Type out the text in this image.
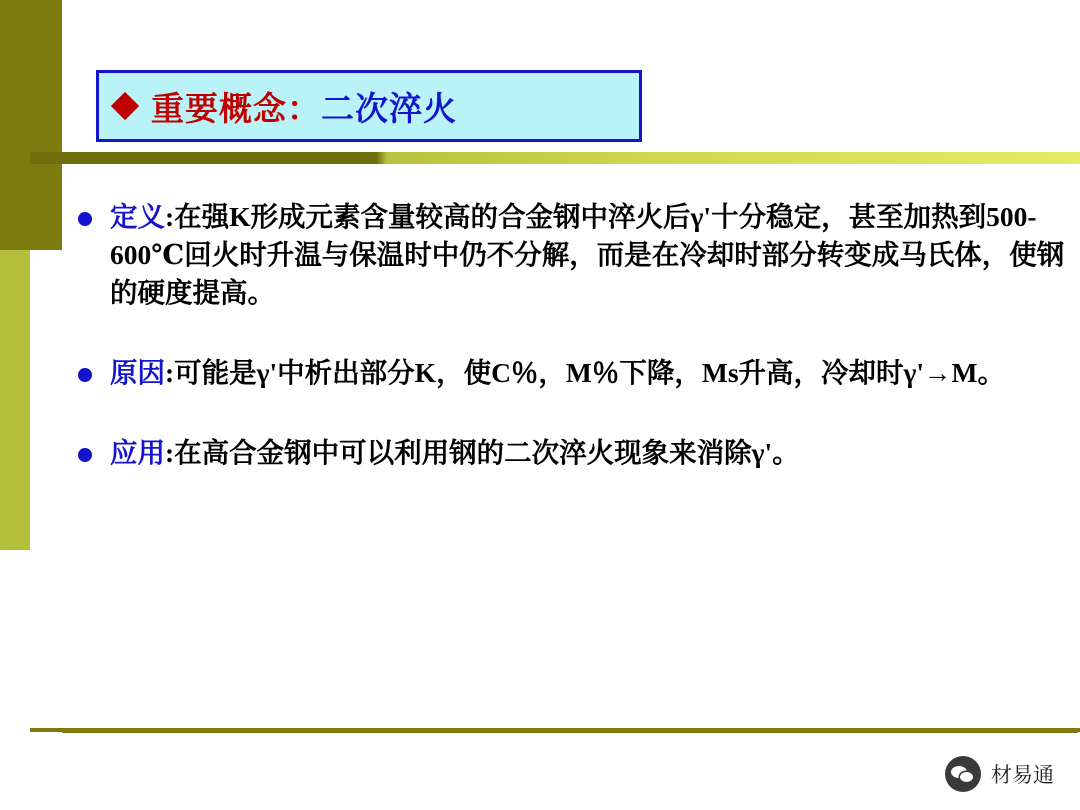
重要概念 ： 二次淬火
定义:在强K形成元素含量较高的合金钢中淬火后γ'十分稳定，甚至加热到500-600℃回火时升温与保温时中仍不分解，而是在冷却时部分转变成马氏体，使钢的硬度提高。
原因:可能是γ'中析出部分K，使C％，M％下降，Ms升高，冷却时γ'→M。
应用:在高合金钢中可以利用钢的二次淬火现象来消除γ'。
材易通
